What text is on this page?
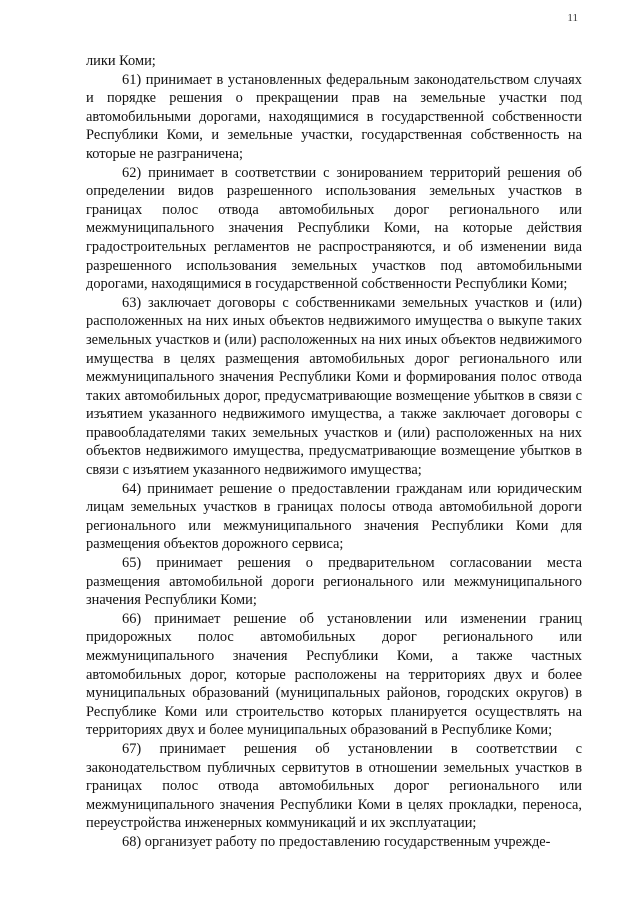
11

лики Коми;

61) принимает в установленных федеральным законодательством случаях и порядке решения о прекращении прав на земельные участки под автомобильными дорогами, находящимися в государственной собственности Республики Коми, и земельные участки, государственная собственность на которые не разграничена;

62) принимает в соответствии с зонированием территорий решения об определении видов разрешенного использования земельных участков в границах полос отвода автомобильных дорог регионального или межмуниципального значения Республики Коми, на которые действия градостроительных регламентов не распространяются, и об изменении вида разрешенного использования земельных участков под автомобильными дорогами, находящимися в государственной собственности Республики Коми;

63) заключает договоры с собственниками земельных участков и (или) расположенных на них иных объектов недвижимого имущества о выкупе таких земельных участков и (или) расположенных на них иных объектов недвижимого имущества в целях размещения автомобильных дорог регионального или межмуниципального значения Республики Коми и формирования полос отвода таких автомобильных дорог, предусматривающие возмещение убытков в связи с изъятием указанного недвижимого имущества, а также заключает договоры с правообладателями таких земельных участков и (или) расположенных на них объектов недвижимого имущества, предусматривающие возмещение убытков в связи с изъятием указанного недвижимого имущества;

64) принимает решение о предоставлении гражданам или юридическим лицам земельных участков в границах полосы отвода автомобильной дороги регионального или межмуниципального значения Республики Коми для размещения объектов дорожного сервиса;

65) принимает решения о предварительном согласовании места размещения автомобильной дороги регионального или межмуниципального значения Республики Коми;

66) принимает решение об установлении или изменении границ придорожных полос автомобильных дорог регионального или межмуниципального значения Республики Коми, а также частных автомобильных дорог, которые расположены на территориях двух и более муниципальных образований (муниципальных районов, городских округов) в Республике Коми или строительство которых планируется осуществлять на территориях двух и более муниципальных образований в Республике Коми;

67) принимает решения об установлении в соответствии с законодательством публичных сервитутов в отношении земельных участков в границах полос отвода автомобильных дорог регионального или межмуниципального значения Республики Коми в целях прокладки, переноса, переустройства инженерных коммуникаций и их эксплуатации;

68) организует работу по предоставлению государственным учрежде-
